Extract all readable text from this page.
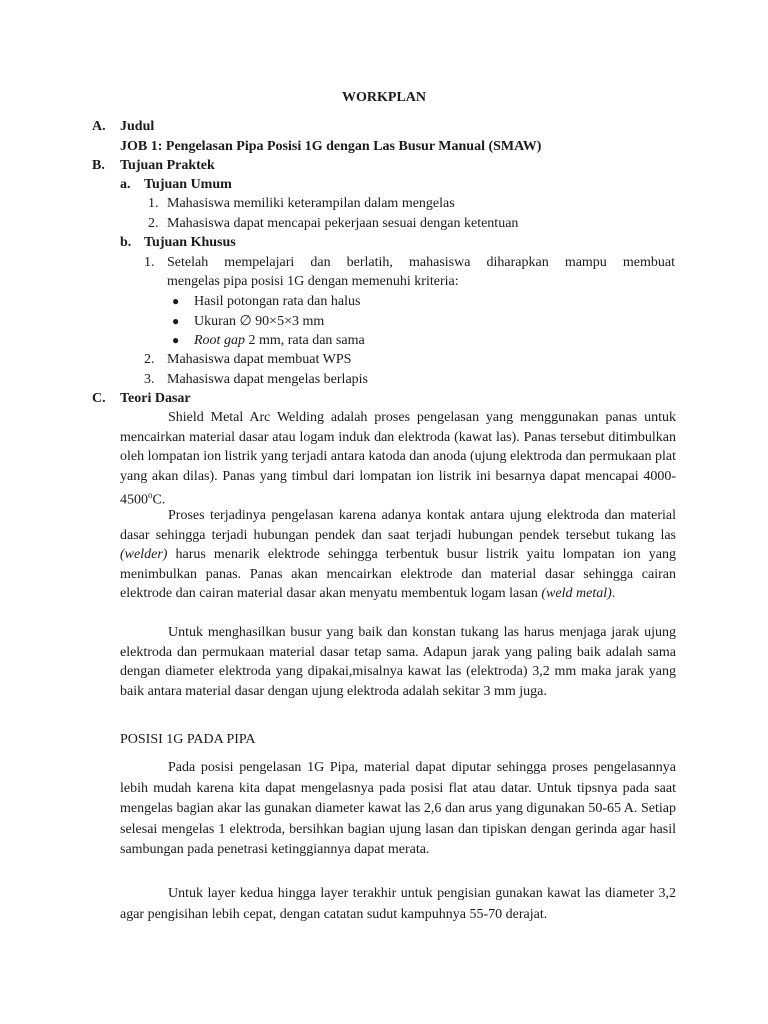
WORKPLAN
A. Judul
JOB 1: Pengelasan Pipa Posisi 1G dengan Las Busur Manual (SMAW)
B. Tujuan Praktek
a. Tujuan Umum
1. Mahasiswa memiliki keterampilan dalam mengelas
2. Mahasiswa dapat mencapai pekerjaan sesuai dengan ketentuan
b. Tujuan Khusus
1. Setelah mempelajari dan berlatih, mahasiswa diharapkan mampu membuat
mengelas pipa posisi 1G dengan memenuhi kriteria:
● Hasil potongan rata dan halus
● Ukuran ∅ 90×5×3 mm
● Root gap 2 mm, rata dan sama
2. Mahasiswa dapat membuat WPS
3. Mahasiswa dapat mengelas berlapis
C. Teori Dasar

Shield Metal Arc Welding adalah proses pengelasan yang menggunakan panas untuk mencairkan material dasar atau logam induk dan elektroda (kawat las). Panas tersebut ditimbulkan oleh lompatan ion listrik yang terjadi antara katoda dan anoda (ujung elektroda dan permukaan plat yang akan dilas). Panas yang timbul dari lompatan ion listrik ini besarnya dapat mencapai 4000-4500$^o$C.

Proses terjadinya pengelasan karena adanya kontak antara ujung elektroda dan material dasar sehingga terjadi hubungan pendek dan saat terjadi hubungan pendek tersebut tukang las (welder) harus menarik elektrode sehingga terbentuk busur listrik yaitu lompatan ion yang menimbulkan panas. Panas akan mencairkan elektrode dan material dasar sehingga cairan elektrode dan cairan material dasar akan menyatu membentuk logam lasan (weld metal).

Untuk menghasilkan busur yang baik dan konstan tukang las harus menjaga jarak ujung elektroda dan permukaan material dasar tetap sama. Adapun jarak yang paling baik adalah sama dengan diameter elektroda yang dipakai,misalnya kawat las (elektroda) 3,2 mm maka jarak yang baik antara material dasar dengan ujung elektroda adalah sekitar 3 mm juga.

POSISI 1G PADA PIPA

Pada posisi pengelasan 1G Pipa, material dapat diputar sehingga proses pengelasannya lebih mudah karena kita dapat mengelasnya pada posisi flat atau datar. Untuk tipsnya pada saat mengelas bagian akar las gunakan diameter kawat las 2,6 dan arus yang digunakan 50-65 A. Setiap selesai mengelas 1 elektroda, bersihkan bagian ujung lasan dan tipiskan dengan gerinda agar hasil sambungan pada penetrasi ketinggiannya dapat merata.

Untuk layer kedua hingga layer terakhir untuk pengisian gunakan kawat las diameter 3,2 agar pengisihan lebih cepat, dengan catatan sudut kampuhnya 55-70 derajat.
